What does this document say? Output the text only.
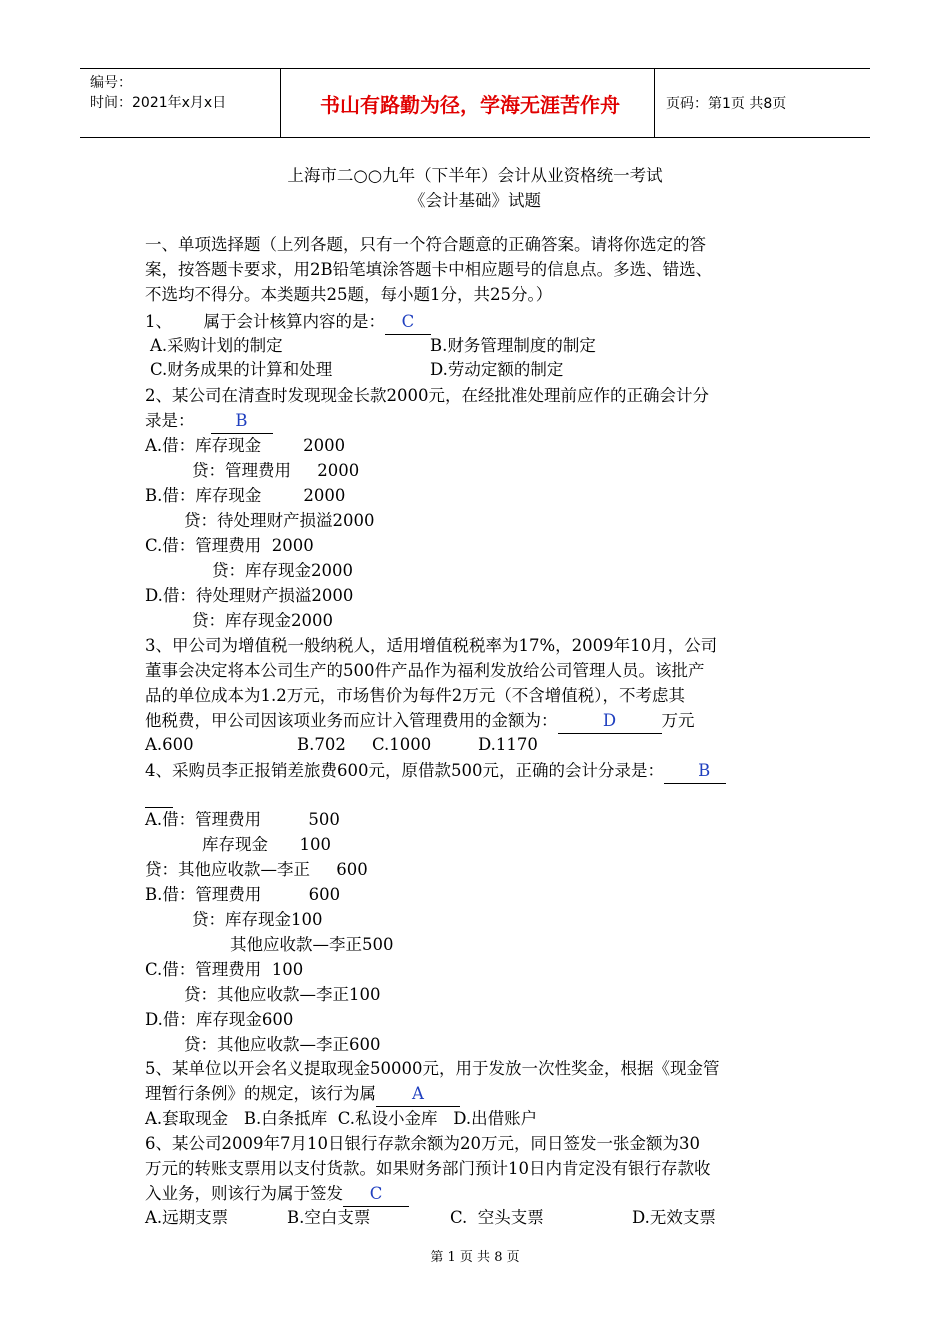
编号：
时间：2021年x月x日	书山有路勤为径，学海无涯苦作舟	页码：第1页 共8页
上海市二○○九年（下半年）会计从业资格统一考试
《会计基础》试题
一、单项选择题（上列各题，只有一个符合题意的正确答案。请将你选定的答
案，按答题卡要求，用2B铅笔填涂答题卡中相应题号的信息点。多选、错选、
不选均不得分。本类题共25题，每小题1分，共25分。）
1、      属于会计核算内容的是： C
A.采购计划的制定	B.财务管理制度的制定
C.财务成果的计算和处理	D.劳动定额的制定
2、某公司在清查时发现现金长款2000元，在经批准处理前应作的正确会计分
录是： B
A.借：库存现金        2000
贷：管理费用     2000
B.借：库存现金        2000
贷：待处理财产损溢2000
C.借：管理费用  2000
贷：库存现金2000
D.借：待处理财产损溢2000
贷：库存现金2000
3、甲公司为增值税一般纳税人，适用增值税税率为17%，2009年10月，公司
董事会决定将本公司生产的500件产品作为福利发放给公司管理人员。该批产
品的单位成本为1.2万元，市场售价为每件2万元（不含增值税），不考虑其
他税费，甲公司因该项业务而应计入管理费用的金额为：	D	万元
A.600	B.702 C.1000	D.1170
4、采购员李正报销差旅费600元，原借款500元，正确的会计分录是： B

A.借：管理费用         500
库存现金      100
贷：其他应收款—李正     600
B.借：管理费用         600
贷：库存现金100
其他应收款—李正500
C.借：管理费用  100
贷：其他应收款—李正100
D.借：库存现金600
贷：其他应收款—李正600
5、某单位以开会名义提取现金50000元，用于发放一次性奖金，根据《现金管
理暂行条例》的规定，该行为属 A
A.套取现金   B.白条抵库  C.私设小金库   D.出借账户
6、某公司2009年7月10日银行存款余额为20万元，同日签发一张金额为30
万元的转账支票用以支付货款。如果财务部门预计10日内肯定没有银行存款收
入业务，则该行为属于签发 C
A.远期支票	B.空白支票	C.  空头支票	D.无效支票
第 1 页 共 8 页
